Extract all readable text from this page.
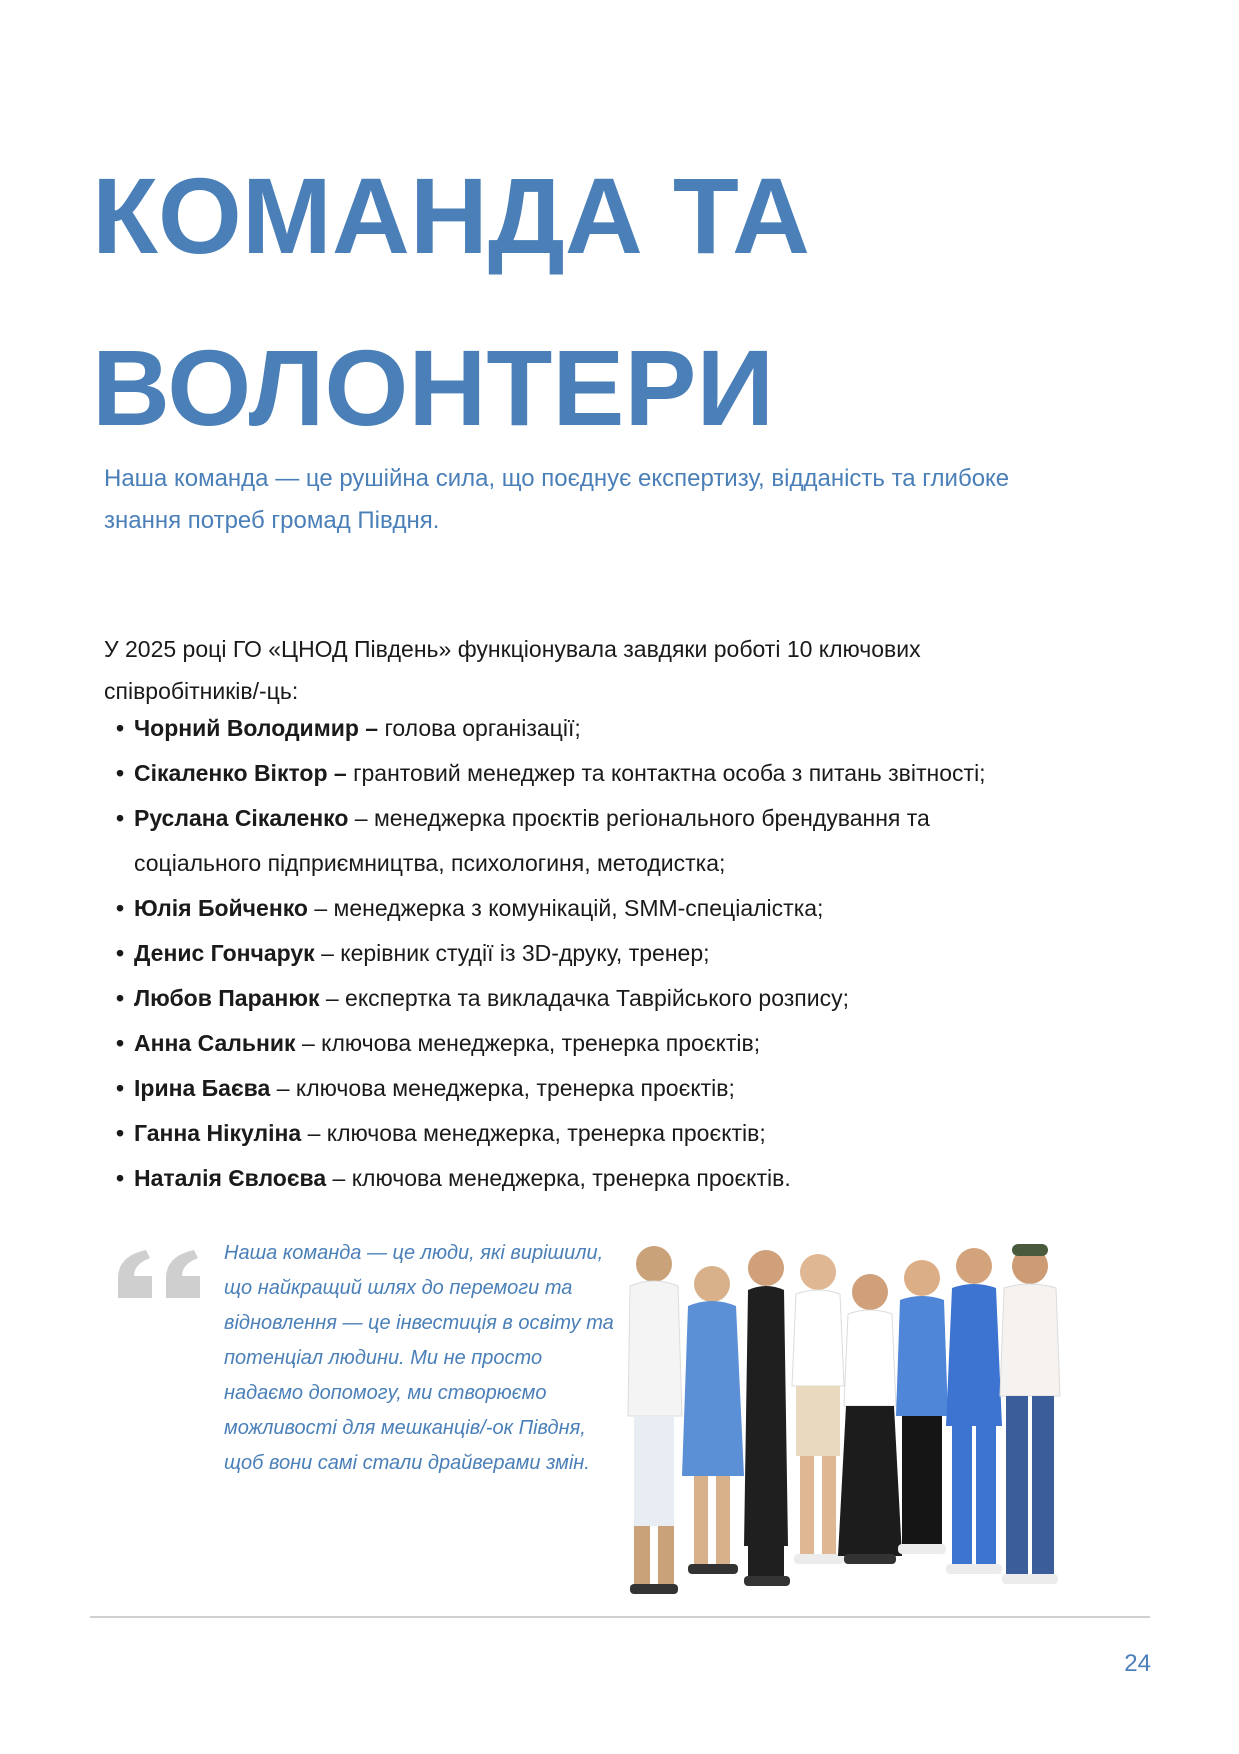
КОМАНДА ТА
ВОЛОНТЕРИ

Наша команда — це рушійна сила, що поєднує експертизу, відданість та глибоке знання потреб громад Півдня.

У 2025 році ГО «ЦНОД Південь» функціонувала завдяки роботі 10 ключових співробітників/-ць:

• Чорний Володимир – голова організації;
• Сікаленко Віктор – грантовий менеджер та контактна особа з питань звітності;
• Руслана Сікаленко – менеджерка проєктів регіонального брендування та соціального підприємництва, психологиня, методистка;
• Юлія Бойченко – менеджерка з комунікацій, SMM-спеціалістка;
• Денис Гончарук – керівник студії із 3D-друку, тренер;
• Любов Паранюк – експертка та викладачка Таврійського розпису;
• Анна Сальник – ключова менеджерка, тренерка проєктів;
• Ірина Баєва – ключова менеджерка, тренерка проєктів;
• Ганна Нікуліна – ключова менеджерка, тренерка проєктів;
• Наталія Євлоєва – ключова менеджерка, тренерка проєктів.

Наша команда — це люди, які вирішили, що найкращий шлях до перемоги та відновлення — це інвестиція в освіту та потенціал людини. Ми не просто надаємо допомогу, ми створюємо можливості для мешканців/-ок Півдня, щоб вони самі стали драйверами змін.

24
